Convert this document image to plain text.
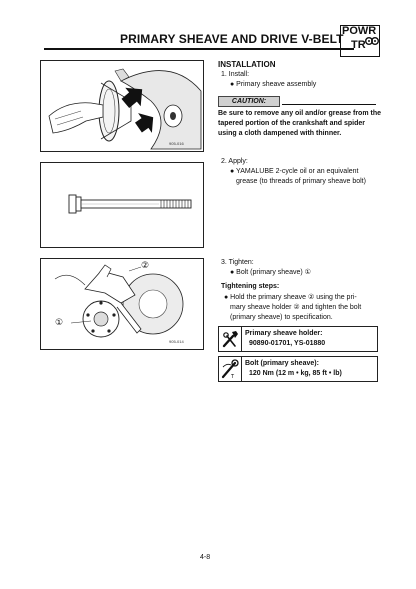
PRIMARY SHEAVE AND DRIVE V-BELT
POWR
TR
905-016
INSTALLATION
1. Install:
● Primary sheave assembly
CAUTION:
Be sure to remove any oil and/or grease from the
tapered portion of the crankshaft and spider
using a cloth dampened with thinner.
2. Apply:
● YAMALUBE 2-cycle oil or an equivalent
grease (to threads of primary sheave bolt)
①
②
905-014
3. Tighten:
● Bolt (primary sheave) ①
Tightening steps:
● Hold the primary sheave ② using the pri-
mary sheave holder ② and tighten the bolt
(primary sheave) to specification.
Primary sheave holder:
90890-01701, YS-01880
T
Bolt (primary sheave):
120 Nm (12 m • kg, 85 ft • lb)
4-8
